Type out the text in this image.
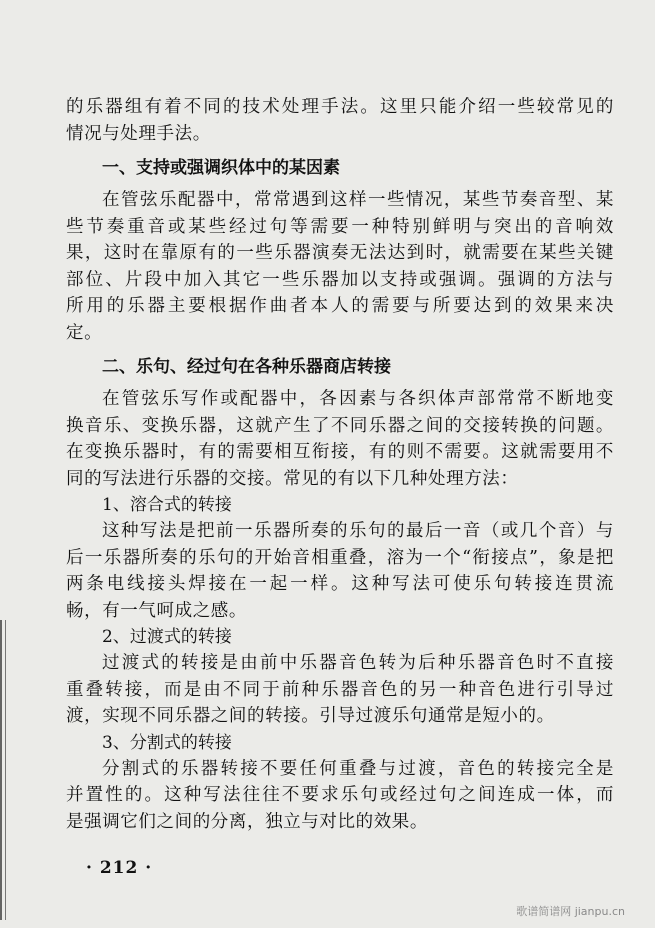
的乐器组有着不同的技术处理手法。这里只能介绍一些较常见的
情况与处理手法。
一、支持或强调织体中的某因素
在管弦乐配器中，常常遇到这样一些情况，某些节奏音型、某
些节奏重音或某些经过句等需要一种特别鲜明与突出的音响效
果，这时在靠原有的一些乐器演奏无法达到时，就需要在某些关键
部位、片段中加入其它一些乐器加以支持或强调。强调的方法与
所用的乐器主要根据作曲者本人的需要与所要达到的效果来决
定。
二、乐句、经过句在各种乐器商店转接
在管弦乐写作或配器中，各因素与各织体声部常常不断地变
换音乐、变换乐器，这就产生了不同乐器之间的交接转换的问题。
在变换乐器时，有的需要相互衔接，有的则不需要。这就需要用不
同的写法进行乐器的交接。常见的有以下几种处理方法：
1、溶合式的转接
这种写法是把前一乐器所奏的乐句的最后一音（或几个音）与
后一乐器所奏的乐句的开始音相重叠，溶为一个“衔接点”，象是把
两条电线接头焊接在一起一样。这种写法可使乐句转接连贯流
畅，有一气呵成之感。
2、过渡式的转接
过渡式的转接是由前中乐器音色转为后种乐器音色时不直接
重叠转接，而是由不同于前种乐器音色的另一种音色进行引导过
渡，实现不同乐器之间的转接。引导过渡乐句通常是短小的。
3、分割式的转接
分割式的乐器转接不要任何重叠与过渡，音色的转接完全是
并置性的。这种写法往往不要求乐句或经过句之间连成一体，而
是强调它们之间的分离，独立与对比的效果。
· 212 ·
歌谱简谱网 jianpu.cn
